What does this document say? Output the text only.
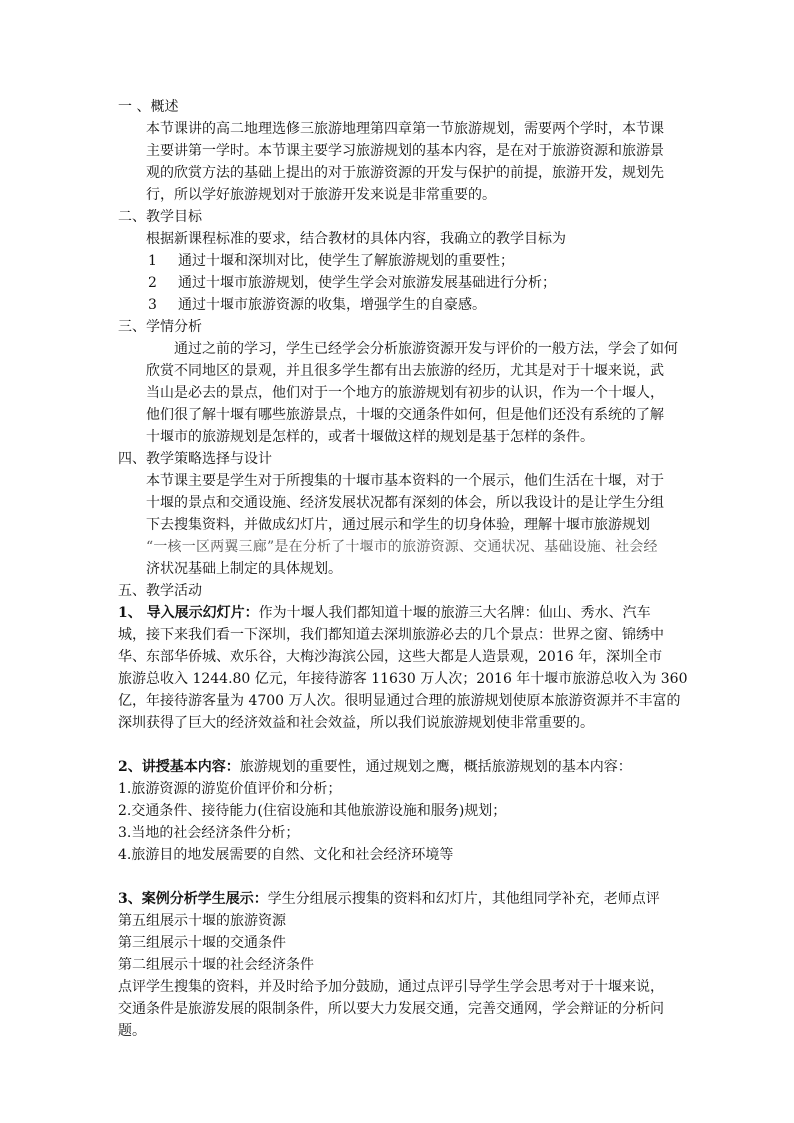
一 、概述
本节课讲的高二地理选修三旅游地理第四章第一节旅游规划，需要两个学时，本节课
主要讲第一学时。本节课主要学习旅游规划的基本内容，是在对于旅游资源和旅游景
观的欣赏方法的基础上提出的对于旅游资源的开发与保护的前提，旅游开发，规划先
行，所以学好旅游规划对于旅游开发来说是非常重要的。
二、教学目标
根据新课程标准的要求，结合教材的具体内容，我确立的教学目标为
1 通过十堰和深圳对比，使学生了解旅游规划的重要性；
2 通过十堰市旅游规划，使学生学会对旅游发展基础进行分析；
3 通过十堰市旅游资源的收集，增强学生的自豪感。
三、学情分析
通过之前的学习，学生已经学会分析旅游资源开发与评价的一般方法，学会了如何
欣赏不同地区的景观，并且很多学生都有出去旅游的经历，尤其是对于十堰来说，武
当山是必去的景点，他们对于一个地方的旅游规划有初步的认识，作为一个十堰人，
他们很了解十堰有哪些旅游景点，十堰的交通条件如何，但是他们还没有系统的了解
十堰市的旅游规划是怎样的，或者十堰做这样的规划是基于怎样的条件。
四、教学策略选择与设计
本节课主要是学生对于所搜集的十堰市基本资料的一个展示，他们生活在十堰，对于
十堰的景点和交通设施、经济发展状况都有深刻的体会，所以我设计的是让学生分组
下去搜集资料，并做成幻灯片，通过展示和学生的切身体验，理解十堰市旅游规划
“一核一区两翼三廊”是在分析了十堰市的旅游资源、交通状况、基础设施、社会经
济状况基础上制定的具体规划。
五、教学活动
1、 导入展示幻灯片：作为十堰人我们都知道十堰的旅游三大名牌：仙山、秀水、汽车
城，接下来我们看一下深圳，我们都知道去深圳旅游必去的几个景点：世界之窗、锦绣中
华、东部华侨城、欢乐谷，大梅沙海滨公园，这些大都是人造景观，2016 年，深圳全市
旅游总收入 1244.80 亿元，年接待游客 11630 万人次；2016 年十堰市旅游总收入为 360
亿，年接待游客量为 4700 万人次。很明显通过合理的旅游规划使原本旅游资源并不丰富的
深圳获得了巨大的经济效益和社会效益，所以我们说旅游规划使非常重要的。
2、讲授基本内容：旅游规划的重要性，通过规划之鹰，概括旅游规划的基本内容：
1.旅游资源的游览价值评价和分析；
2.交通条件、接待能力(住宿设施和其他旅游设施和服务)规划；
3.当地的社会经济条件分析；
4.旅游目的地发展需要的自然、文化和社会经济环境等
3、案例分析学生展示：学生分组展示搜集的资料和幻灯片，其他组同学补充，老师点评
第五组展示十堰的旅游资源
第三组展示十堰的交通条件
第二组展示十堰的社会经济条件
点评学生搜集的资料，并及时给予加分鼓励，通过点评引导学生学会思考对于十堰来说，
交通条件是旅游发展的限制条件，所以要大力发展交通，完善交通网，学会辩证的分析问
题。
